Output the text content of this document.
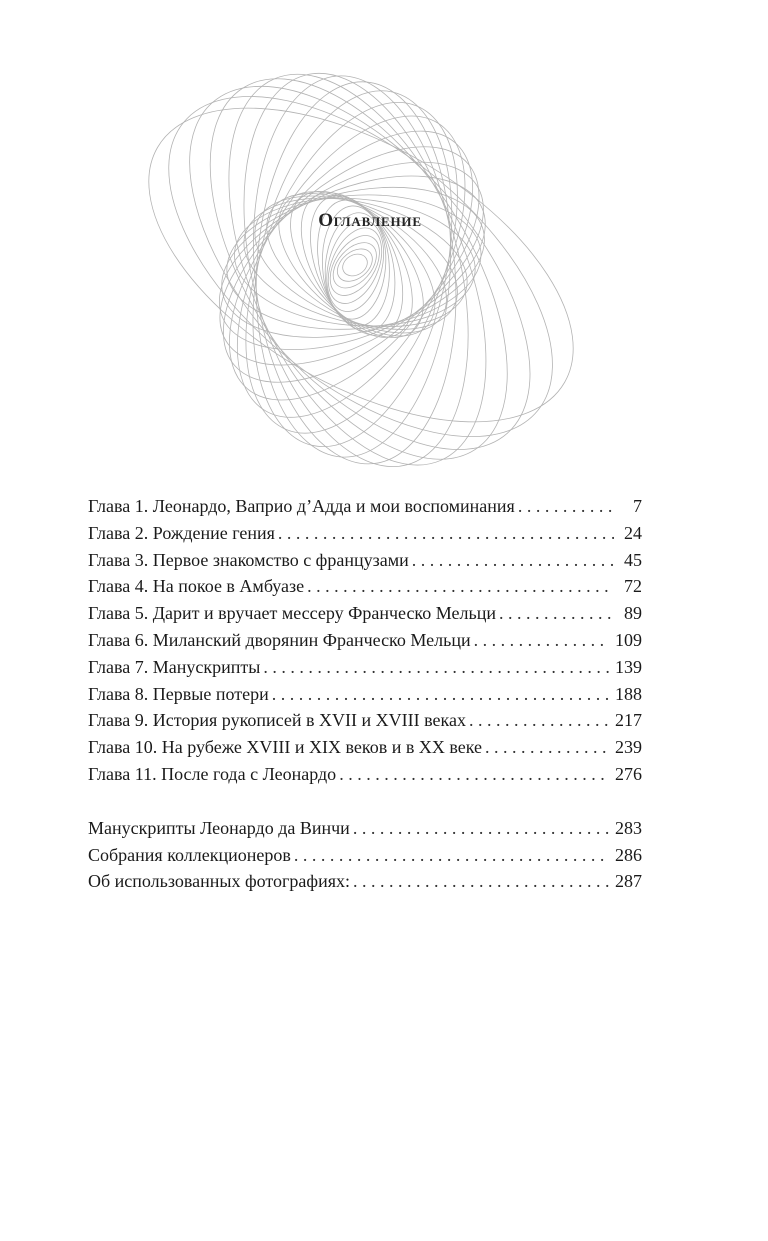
Оглавление
Глава 1. Леонардо, Ваприо д’Адда и мои воспоминания . . .	7
Глава 2. Рождение гения . . .	24
Глава 3. Первое знакомство с французами . . .	45
Глава 4. На покое в Амбуазе . . .	72
Глава 5. Дарит и вручает мессеру Франческо Мельци . . .	89
Глава 6. Миланский дворянин Франческо Мельци . . .	109
Глава 7. Манускрипты . . .	139
Глава 8. Первые потери . . .	188
Глава 9. История рукописей в XVII и XVIII веках . . .	217
Глава 10. На рубеже XVIII и XIX веков и в XX веке . . .	239
Глава 11. После года с Леонардо . . .	276
Манускрипты Леонардо да Винчи . . .	283
Собрания коллекционеров . . .	286
Об использованных фотографиях: . . .	287
